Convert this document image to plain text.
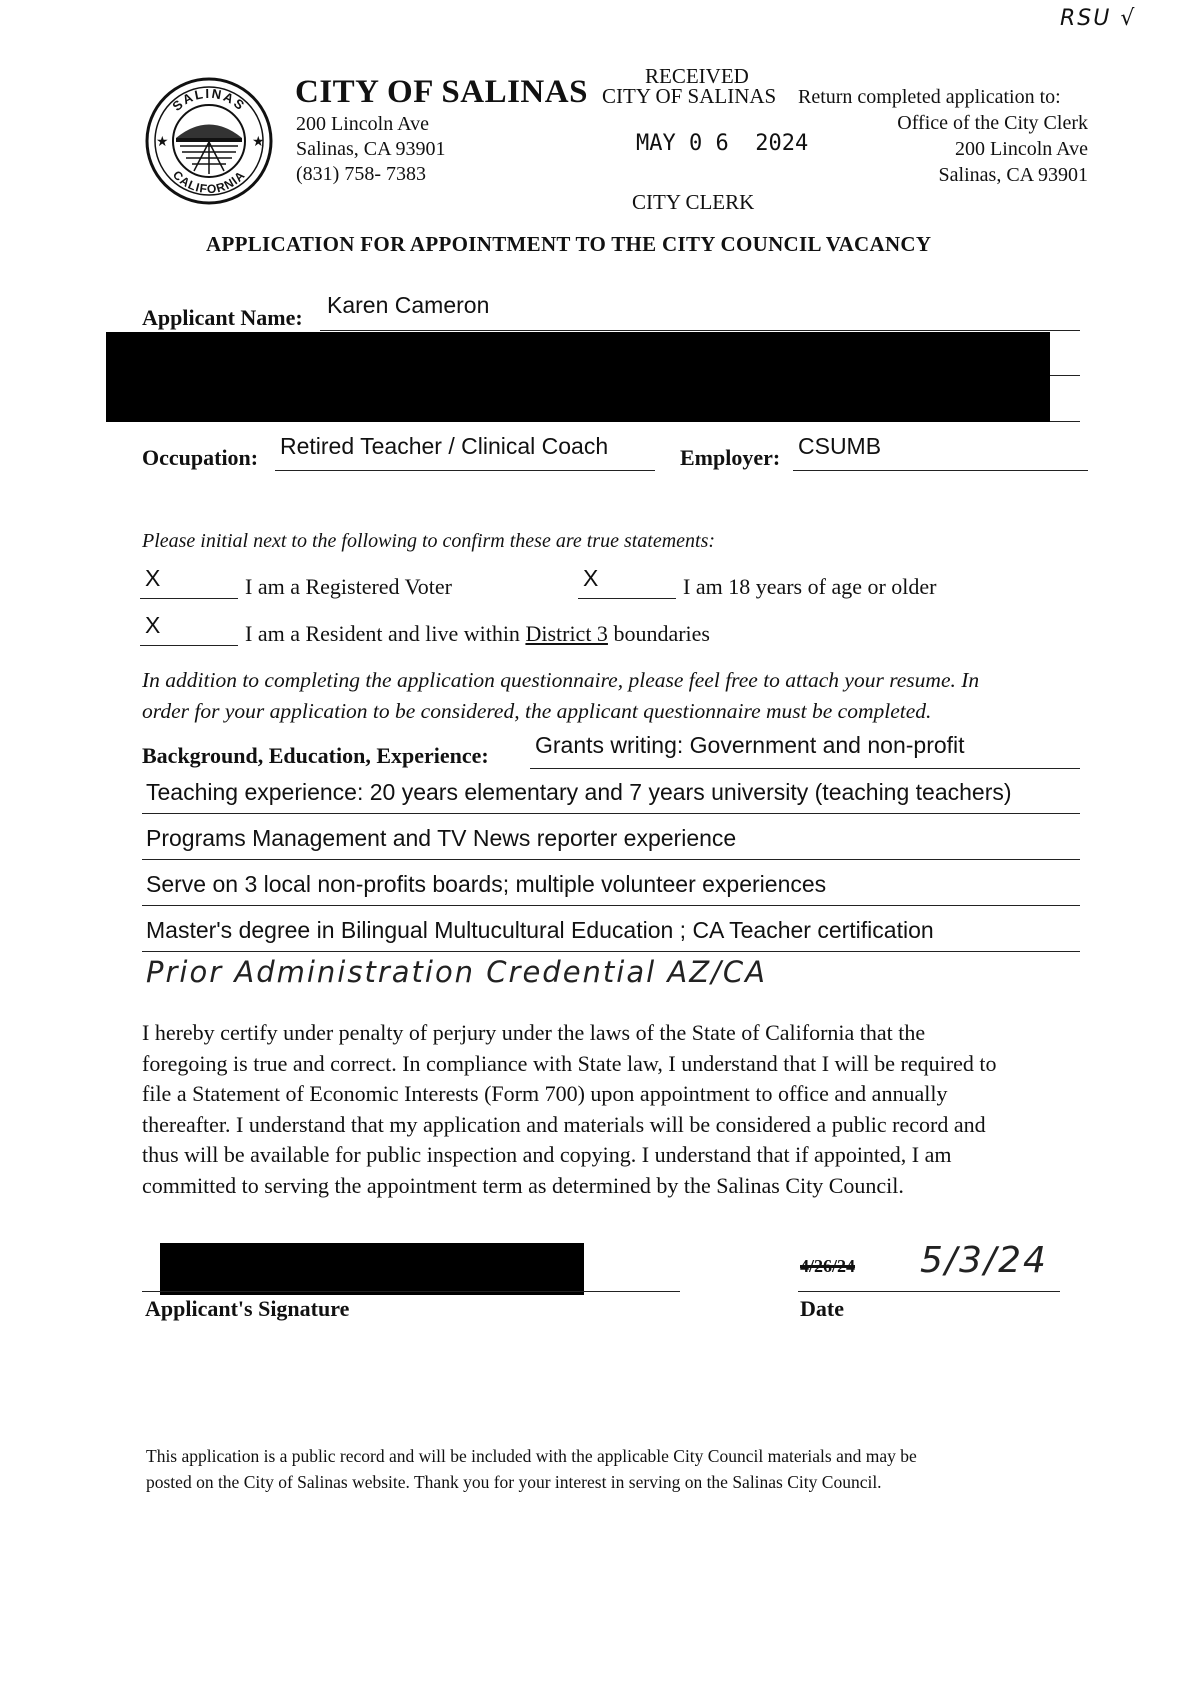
RSU √
SALINAS
CALIFORNIA
★	★
CITY OF SALINAS
200 Lincoln Ave
Salinas, CA 93901
(831) 758- 7383
RECEIVED
CITY OF SALINAS
MAY 0 6  2024
CITY CLERK
Return completed application to:
Office of the City Clerk
200 Lincoln Ave
Salinas, CA 93901
APPLICATION FOR APPOINTMENT TO THE CITY COUNCIL VACANCY
Applicant Name: Karen Cameron
Occupation: Retired Teacher / Clinical Coach	Employer: CSUMB
Please initial next to the following to confirm these are true statements:
X	I am a Registered Voter	X	I am 18 years of age or older
X	I am a Resident and live within District 3 boundaries
In addition to completing the application questionnaire, please feel free to attach your resume. In
order for your application to be considered, the applicant questionnaire must be completed.
Background, Education, Experience: Grants writing: Government and non-profit
Teaching experience: 20 years elementary and 7 years university (teaching teachers)
Programs Management and TV News reporter experience
Serve on 3 local non-profits boards; multiple volunteer experiences
Master's degree in Bilingual Multucultural Education ; CA Teacher certification
Prior Administration Credential AZ/CA
I hereby certify under penalty of perjury under the laws of the State of California that the
foregoing is true and correct. In compliance with State law, I understand that I will be required to
file a Statement of Economic Interests (Form 700) upon appointment to office and annually
thereafter. I understand that my application and materials will be considered a public record and
thus will be available for public inspection and copying. I understand that if appointed, I am
committed to serving the appointment term as determined by the Salinas City Council.
Applicant's Signature
4/26/24 5/3/24
Date
This application is a public record and will be included with the applicable City Council materials and may be
posted on the City of Salinas website. Thank you for your interest in serving on the Salinas City Council.
